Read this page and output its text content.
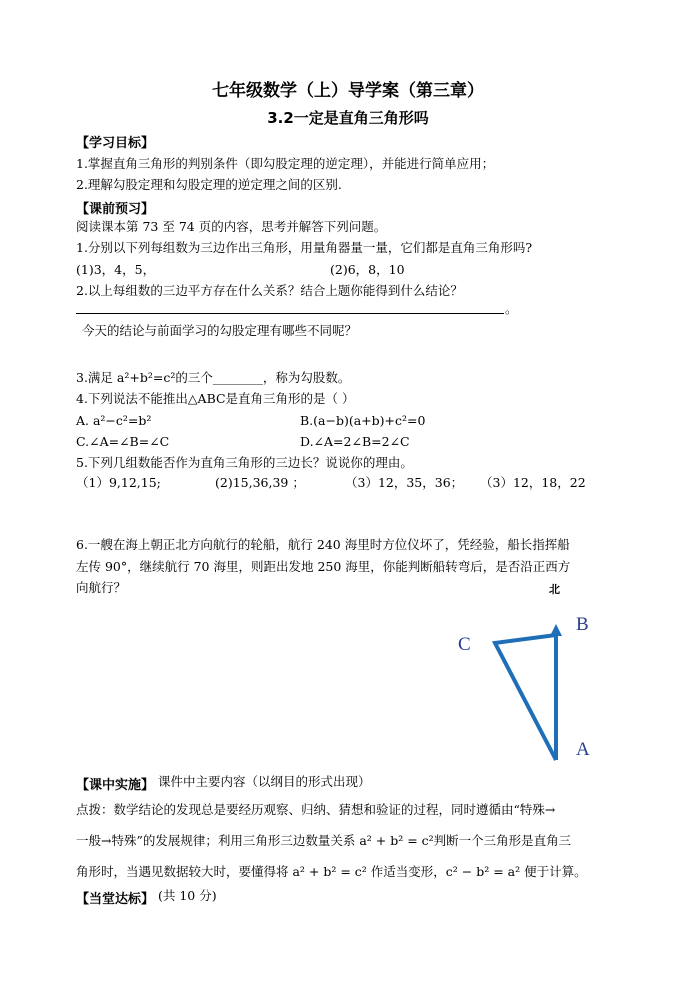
七年级数学（上）导学案（第三章）
3.2一定是直角三角形吗
【学习目标】
1.掌握直角三角形的判别条件（即勾股定理的逆定理），并能进行简单应用；
2.理解勾股定理和勾股定理的逆定理之间的区别.
【课前预习】
阅读课本第 73 至 74 页的内容，思考并解答下列问题。
1.分别以下列每组数为三边作出三角形，用量角器量一量，它们都是直角三角形吗?
(1)3，4，5，	(2)6，8，10
2.以上每组数的三边平方存在什么关系？结合上题你能得到什么结论？
。
今天的结论与前面学习的勾股定理有哪些不同呢？
3.满足 a²+b²=c²的三个________，称为勾股数。
4.下列说法不能推出△ABC是直角三角形的是（ ）
A. a²−c²=b²	B.(a−b)(a+b)+c²=0
C.∠A=∠B=∠C	D.∠A=2∠B=2∠C
5.下列几组数能否作为直角三角形的三边长？说说你的理由。
（1）9,12,15;	(2)15,36,39 ；	（3）12，35，36； （3）12，18，22
6.一艘在海上朝正北方向航行的轮船，航行 240 海里时方位仪坏了，凭经验，船长指挥船
左传 90°，继续航行 70 海里，则距出发地 250 海里，你能判断船转弯后，是否沿正西方
向航行？	北
B
C
A
【课中实施】 课件中主要内容（以纲目的形式出现）
点拨：数学结论的发现总是要经历观察、归纳、猜想和验证的过程，同时遵循由“特殊→
一般→特殊”的发展规律；利用三角形三边数量关系 a² + b² = c²判断一个三角形是直角三
角形时，当遇见数据较大时，要懂得将 a² + b² = c² 作适当变形，c² − b² = a² 便于计算。
【当堂达标】 (共 10 分)
